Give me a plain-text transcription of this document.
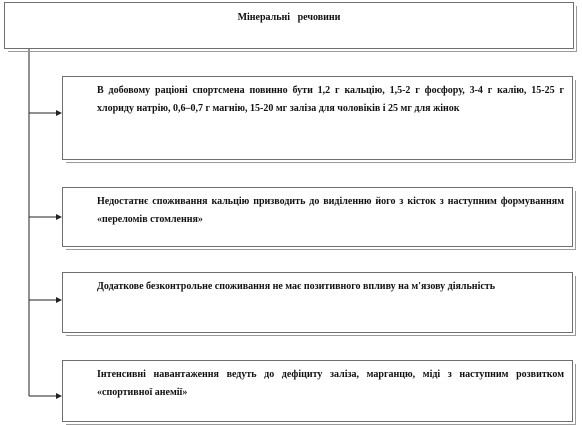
Мінеральні   речовини
В добовому раціоні спортсмена повинно бути 1,2 г кальцію, 1,5-2 г фосфору, 3-4 г калію, 15-25 г хлориду натрію, 0,6–0,7 г магнію, 15-20 мг заліза для чоловіків і 25 мг для жінок
Недостатнє споживання кальцію призводить до виділенню його з кісток з наступним формуванням «переломів стомлення»
Додаткове безконтрольне споживання не має позитивного впливу на м'язову діяльність
Інтенсивні навантаження ведуть до дефіциту заліза, марганцю, міді з наступним розвитком «спортивної анемії»
